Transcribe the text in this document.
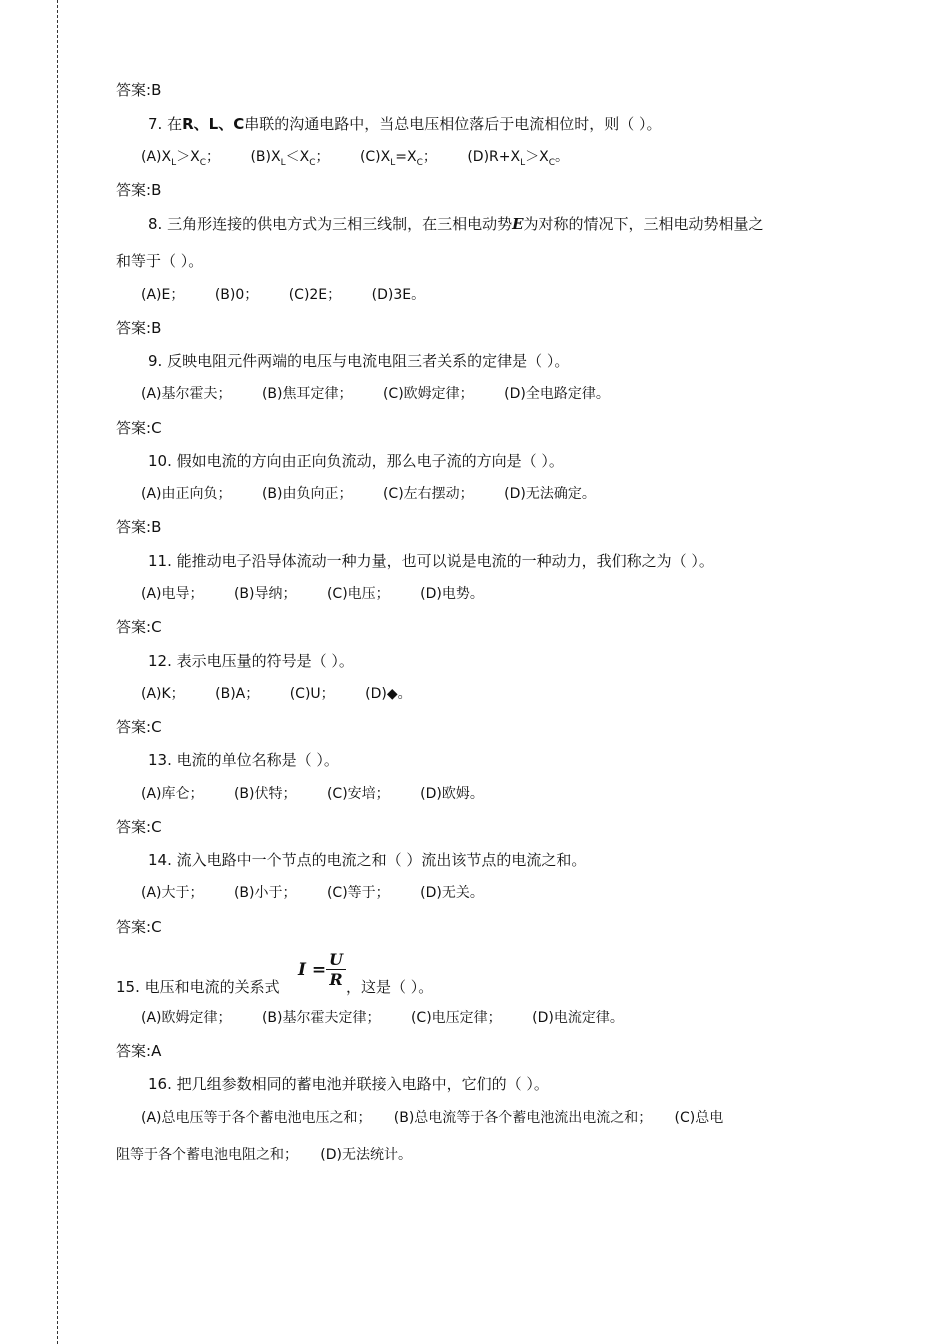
答案:B
7. 在R、L、C串联的沟通电路中，当总电压相位落后于电流相位时，则（ ）。
$(A)X_L>X_C$； $(B)X_L<X_C$； $(C)X_L=X_C$； $(D)R+X_L>X_C$。
答案:B
8. 三角形连接的供电方式为三相三线制，在三相电动势E为对称的情况下，三相电动势相量之
和等于（ ）。
(A)E； (B)0； (C)2E； (D)3E。
答案:B
9. 反映电阻元件两端的电压与电流电阻三者关系的定律是（ ）。
(A)基尔霍夫； (B)焦耳定律； (C)欧姆定律； (D)全电路定律。
答案:C
10. 假如电流的方向由正向负流动，那么电子流的方向是（ ）。
(A)由正向负； (B)由负向正； (C)左右摆动； (D)无法确定。
答案:B
11. 能推动电子沿导体流动一种力量，也可以说是电流的一种动力，我们称之为（ ）。
(A)电导； (B)导纳； (C)电压； (D)电势。
答案:C
12. 表示电压量的符号是（ ）。
(A)K； (B)A； (C)U； (D)◆。
答案:C
13. 电流的单位名称是（ ）。
(A)库仑； (B)伏特； (C)安培； (D)欧姆。
答案:C
14. 流入电路中一个节点的电流之和（ ）流出该节点的电流之和。
(A)大于； (B)小于； (C)等于； (D)无关。
答案:C
15. 电压和电流的关系式
I =
U
R ，这是（ ）。
(A)欧姆定律； (B)基尔霍夫定律； (C)电压定律； (D)电流定律。
答案:A
16. 把几组参数相同的蓄电池并联接入电路中，它们的（ ）。
(A)总电压等于各个蓄电池电压之和；     (B)总电流等于各个蓄电池流出电流之和；     (C)总电
阻等于各个蓄电池电阻之和；     (D)无法统计。
